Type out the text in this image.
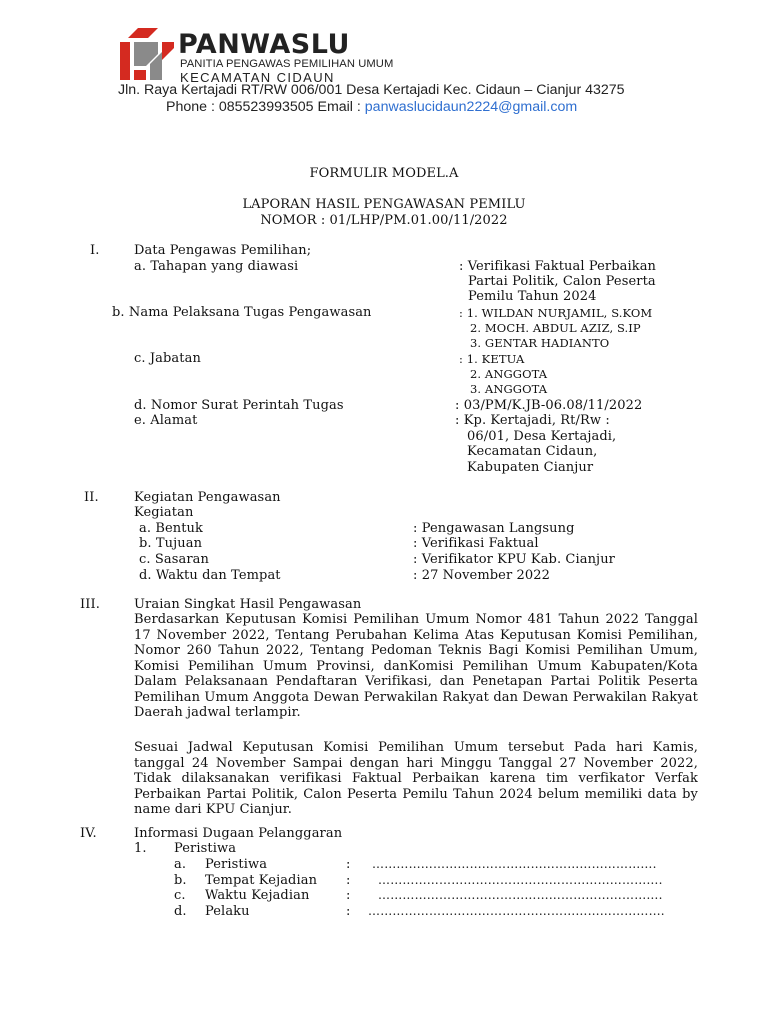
PANWASLU
PANITIA PENGAWAS PEMILIHAN UMUM
KECAMATAN CIDAUN
Jln. Raya Kertajadi RT/RW 006/001 Desa Kertajadi Kec. Cidaun – Cianjur 43275
Phone : 085523993505 Email : panwaslucidaun2224@gmail.com
FORMULIR MODEL.A
LAPORAN HASIL PENGAWASAN PEMILU
NOMOR : 01/LHP/PM.01.00/11/2022
I.	Data Pengawas Pemilihan;
a. Tahapan yang diawasi	: Verifikasi Faktual Perbaikan
Partai Politik, Calon Peserta
Pemilu Tahun 2024
b. Nama Pelaksana Tugas Pengawasan	: 1. WILDAN NURJAMIL, S.KOM
2. MOCH. ABDUL AZIZ, S.IP
3. GENTAR HADIANTO
c. Jabatan	: 1. KETUA
2. ANGGOTA
3. ANGGOTA
d. Nomor Surat Perintah Tugas	: 03/PM/K.JB-06.08/11/2022
e. Alamat	: Kp. Kertajadi, Rt/Rw :
06/01, Desa Kertajadi,
Kecamatan Cidaun,
Kabupaten Cianjur
II.	Kegiatan Pengawasan
Kegiatan
a. Bentuk	: Pengawasan Langsung
b. Tujuan	: Verifikasi Faktual
c. Sasaran	: Verifikator KPU Kab. Cianjur
d. Waktu dan Tempat	: 27 November 2022
III.	Uraian Singkat Hasil Pengawasan
Berdasarkan Keputusan Komisi Pemilihan Umum Nomor 481 Tahun 2022 Tanggal 17 November 2022, Tentang Perubahan Kelima Atas Keputusan Komisi Pemilihan, Nomor 260 Tahun 2022, Tentang Pedoman Teknis Bagi Komisi Pemilihan Umum, Komisi Pemilihan Umum Provinsi, danKomisi Pemilihan Umum Kabupaten/Kota Dalam Pelaksanaan Pendaftaran Verifikasi, dan Penetapan Partai Politik Peserta Pemilihan Umum Anggota Dewan Perwakilan Rakyat dan Dewan Perwakilan Rakyat Daerah jadwal terlampir.
Sesuai Jadwal Keputusan Komisi Pemilihan Umum tersebut Pada hari Kamis, tanggal 24 November Sampai dengan hari Minggu Tanggal 27 November 2022, Tidak dilaksanakan verifikasi Faktual Perbaikan karena tim verfikator Verfak Perbaikan Partai Politik, Calon Peserta Pemilu Tahun 2024 belum memiliki data by name dari KPU Cianjur.
IV.	Informasi Dugaan Pelanggaran
1. Peristiwa
a. Peristiwa	: …………………………………………………………….
b. Tempat Kejadian : …………………………………………………………….
c. Waktu Kejadian	: …………………………………………………………….
d. Pelaku	: ……………………………………………………………….
